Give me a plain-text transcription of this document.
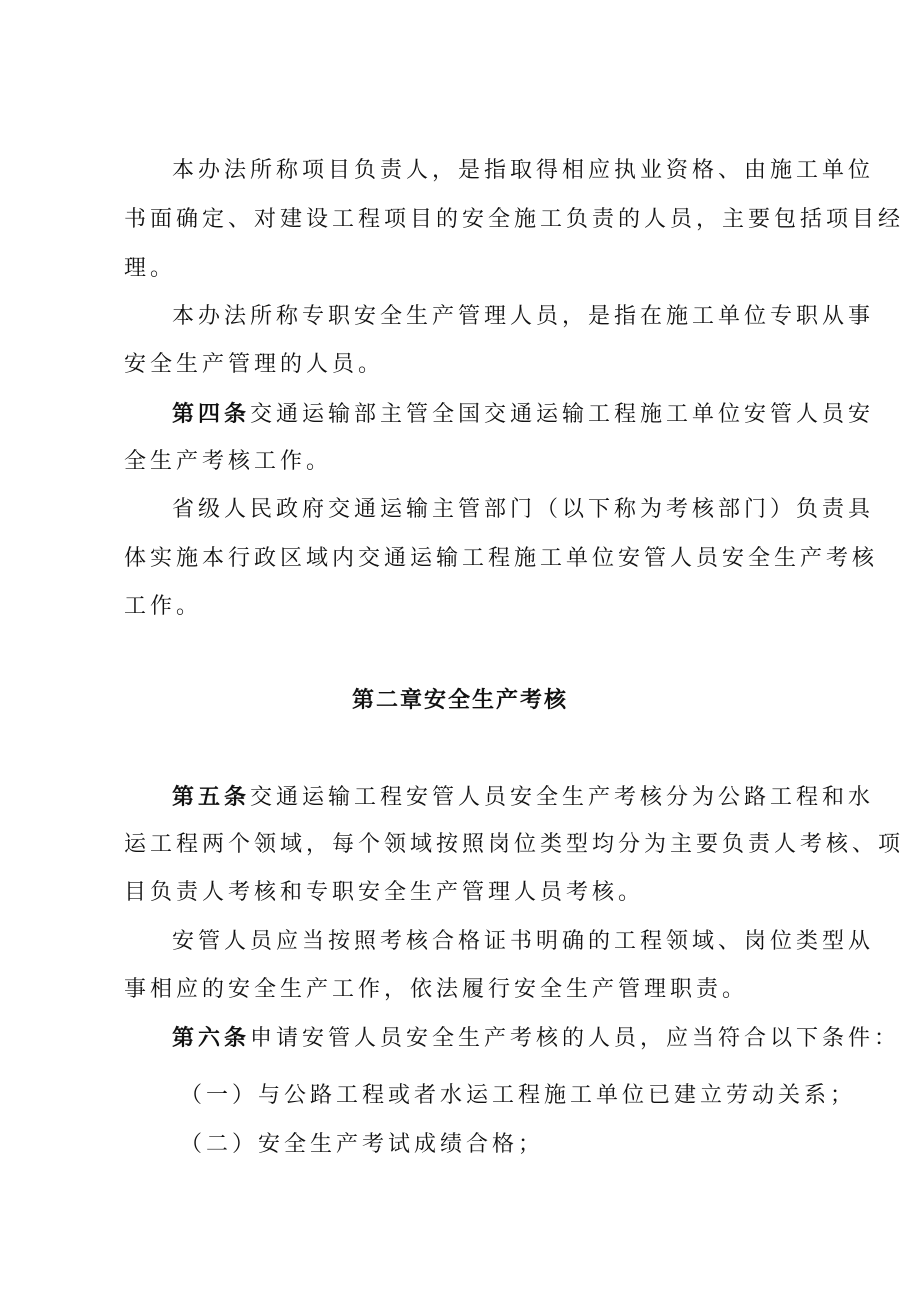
本办法所称项目负责人，是指取得相应执业资格、由施工单位
书面确定、对建设工程项目的安全施工负责的人员，主要包括项目经
理。
本办法所称专职安全生产管理人员，是指在施工单位专职从事
安全生产管理的人员。
第四条交通运输部主管全国交通运输工程施工单位安管人员安
全生产考核工作。
省级人民政府交通运输主管部门（以下称为考核部门）负责具
体实施本行政区域内交通运输工程施工单位安管人员安全生产考核
工作。
第二章安全生产考核
第五条交通运输工程安管人员安全生产考核分为公路工程和水
运工程两个领域，每个领域按照岗位类型均分为主要负责人考核、项
目负责人考核和专职安全生产管理人员考核。
安管人员应当按照考核合格证书明确的工程领域、岗位类型从
事相应的安全生产工作，依法履行安全生产管理职责。
第六条申请安管人员安全生产考核的人员，应当符合以下条件：
（一）与公路工程或者水运工程施工单位已建立劳动关系；
（二）安全生产考试成绩合格；
